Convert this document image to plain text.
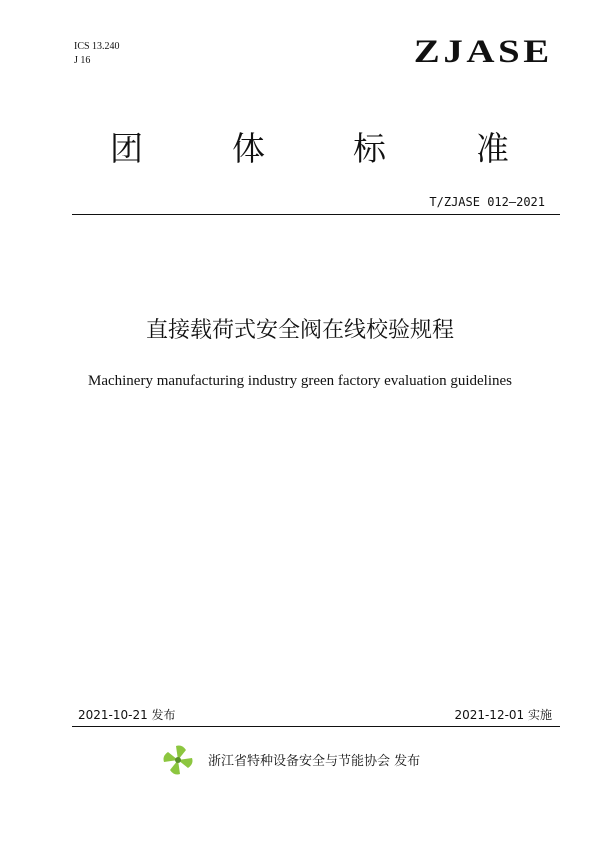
ICS 13.240
J 16	ZJASE
团	体	标	准
T/ZJASE 012—2021
直接载荷式安全阀在线校验规程
Machinery manufacturing industry green factory evaluation guidelines
2021-10-21 发布	2021-12-01 实施
浙江省特种设备安全与节能协会 发布
